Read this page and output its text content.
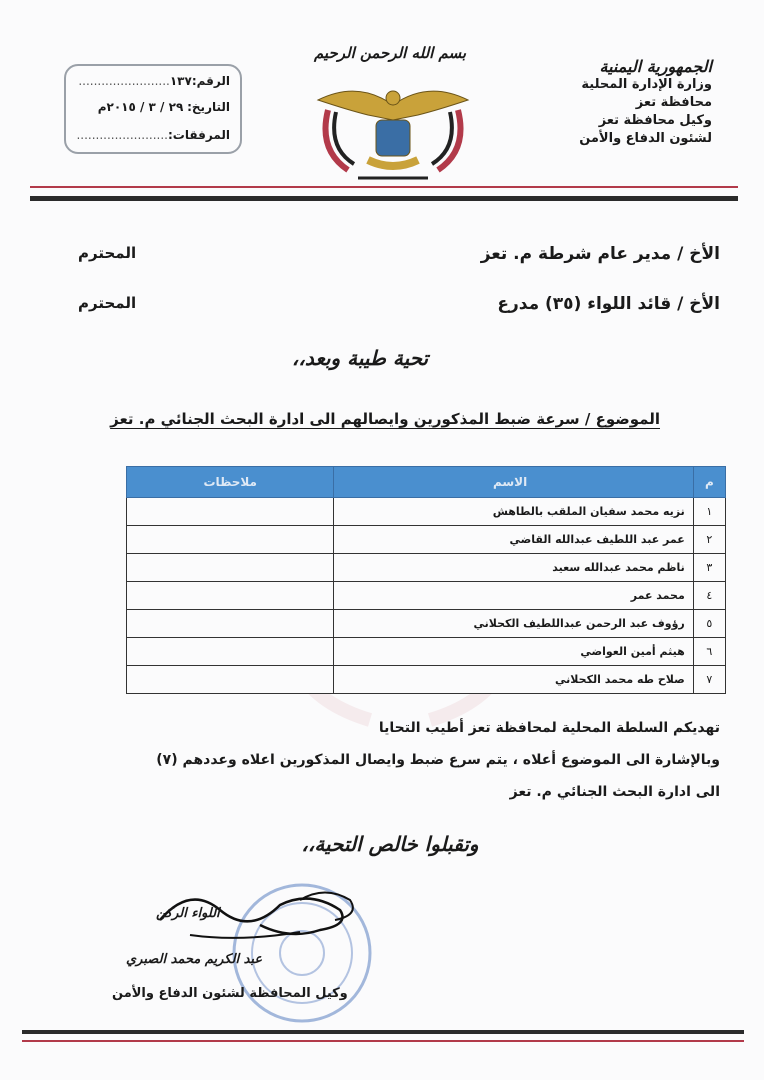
الرقم:١٣٧........................
التاريخ: ٢٩ / ٣ / ٢٠١٥م
المرفقات:........................
الجمهورية اليمنية
وزارة الإدارة المحلية
محافظة تعز
وكيل محافظة تعز
لشئون الدفاع والأمن
بسم الله الرحمن الرحيم
الأخ / مدير عام شرطة م. تعز
المحترم
الأخ / قائد اللواء (٣٥) مدرع
المحترم
تحية طيبة وبعد،،
الموضوع / سرعة ضبط المذكورين وايصالهم الى ادارة البحث الجنائي م. تعز
م	الاسم	ملاحظات
١	نزيه محمد سفيان الملقب بالطاهش	
٢	عمر عبد اللطيف عبدالله القاضي	
٣	ناظم محمد عبدالله سعيد	
٤	محمد عمر	
٥	رؤوف عبد الرحمن عبداللطيف الكحلاني	
٦	هيثم أمين العواضي	
٧	صلاح طه محمد الكحلاني	
تهديكم السلطة المحلية لمحافظة تعز أطيب التحايا
وبالإشارة الى الموضوع أعلاه ، يتم سرع ضبط وايصال المذكورين اعلاه وعددهم (٧)
الى ادارة البحث الجنائي م. تعز
وتقبلوا خالص التحية،،
اللواء الركن
عبد الكريم محمد الصبري
وكيل المحافظة لشئون الدفاع والأمن
